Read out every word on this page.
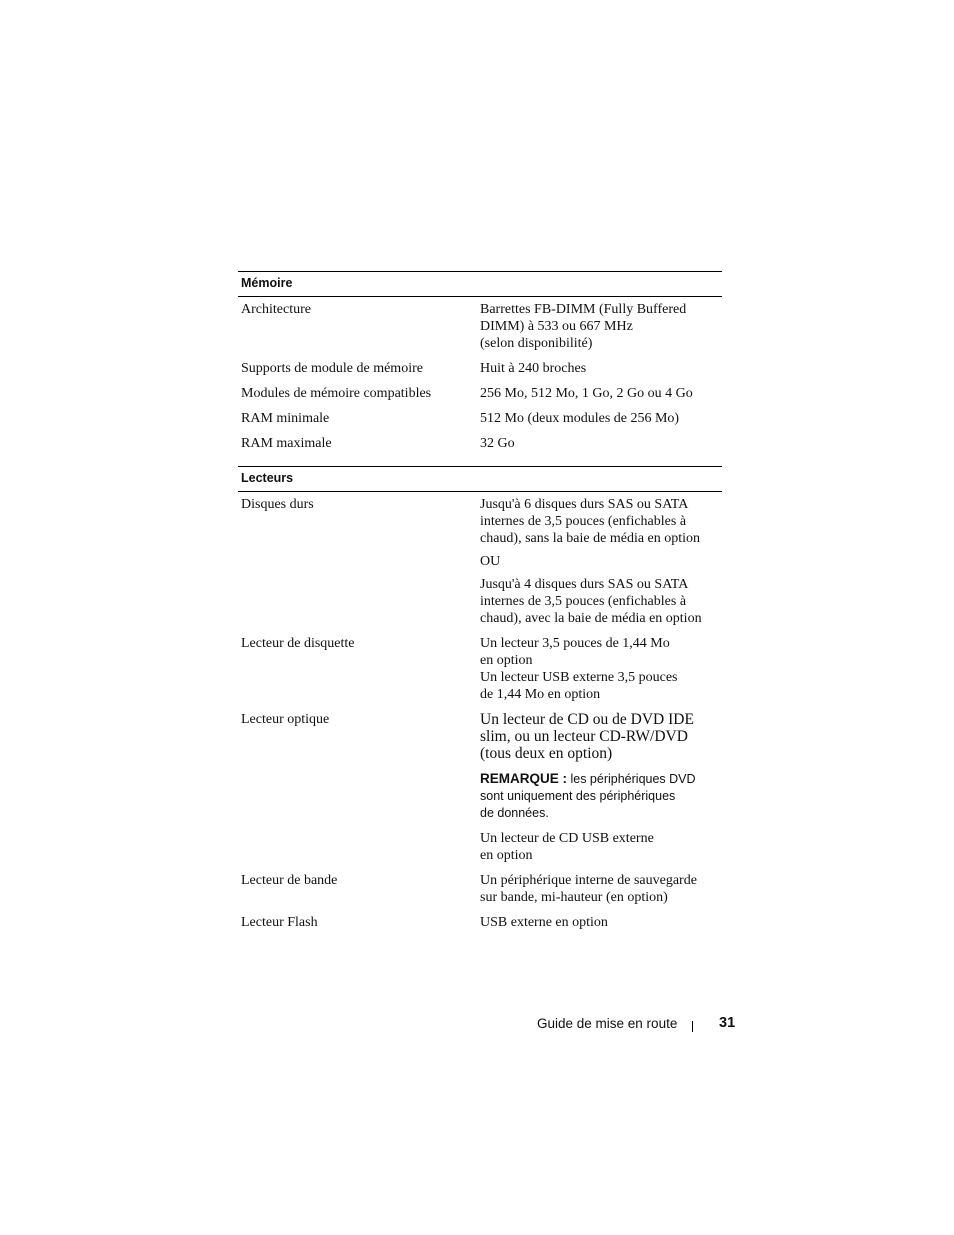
Mémoire
Architecture	Barrettes FB-DIMM (Fully Buffered
DIMM) à 533 ou 667 MHz
(selon disponibilité)
Supports de module de mémoire	Huit à 240 broches
Modules de mémoire compatibles	256 Mo, 512 Mo, 1 Go, 2 Go ou 4 Go
RAM minimale	512 Mo (deux modules de 256 Mo)
RAM maximale	32 Go
Lecteurs
Disques durs	Jusqu'à 6 disques durs SAS ou SATA
internes de 3,5 pouces (enfichables à
chaud), sans la baie de média en option
OU
Jusqu'à 4 disques durs SAS ou SATA
internes de 3,5 pouces (enfichables à
chaud), avec la baie de média en option
Lecteur de disquette	Un lecteur 3,5 pouces de 1,44 Mo
en option
Un lecteur USB externe 3,5 pouces
de 1,44 Mo en option
Lecteur optique	Un lecteur de CD ou de DVD IDE
slim, ou un lecteur CD-RW/DVD
(tous deux en option)
REMARQUE : les périphériques DVD
sont uniquement des périphériques
de données.
Un lecteur de CD USB externe
en option
Lecteur de bande	Un périphérique interne de sauvegarde
sur bande, mi-hauteur (en option)
Lecteur Flash	USB externe en option
Guide de mise en route	31
